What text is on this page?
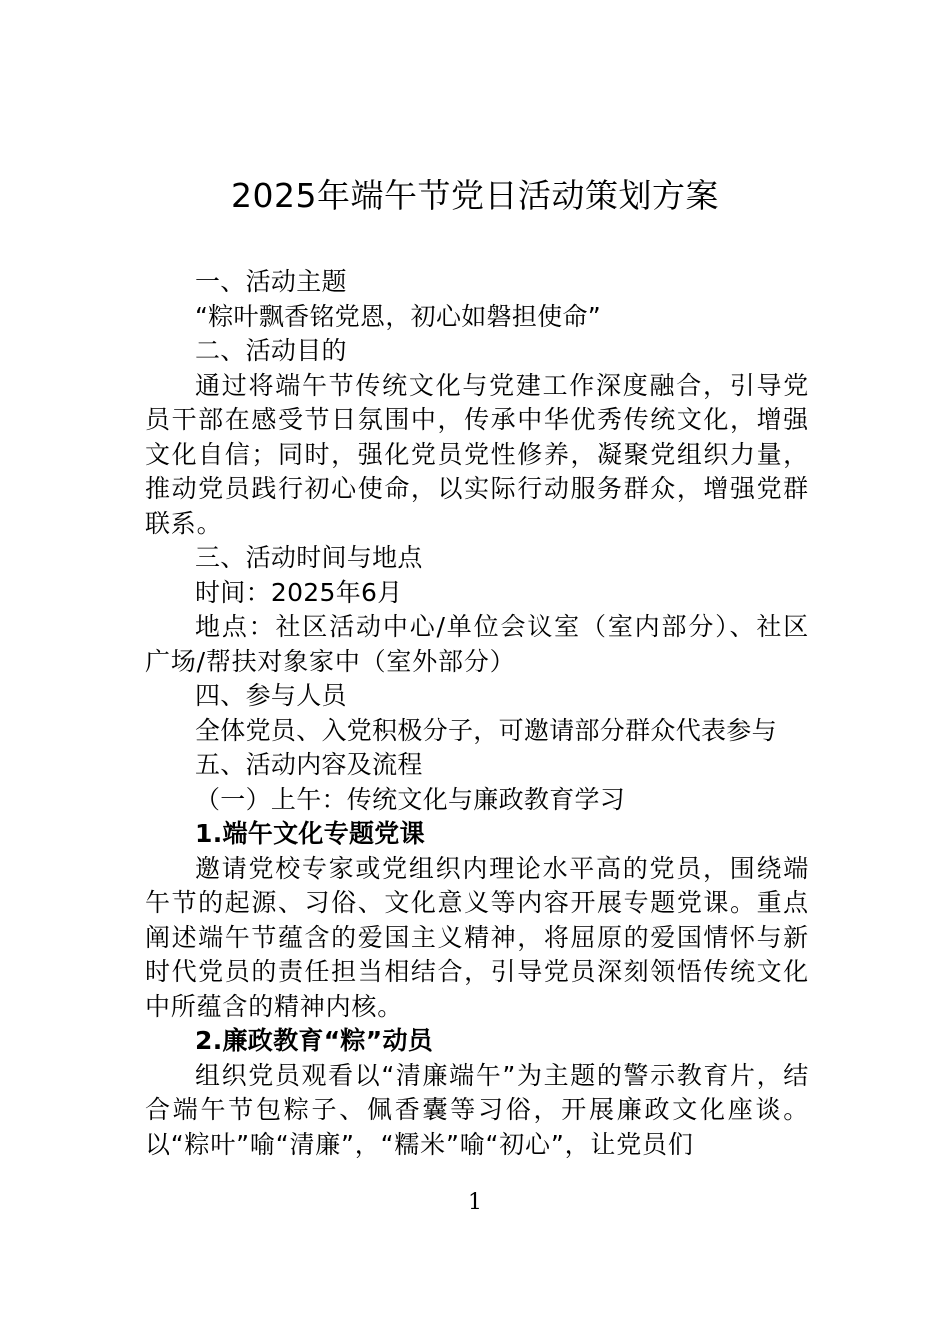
2025年端午节党日活动策划方案

一、活动主题

“粽叶飘香铭党恩，初心如磐担使命”

二、活动目的

通过将端午节传统文化与党建工作深度融合，引导党员干部在感受节日氛围中，传承中华优秀传统文化，增强文化自信；同时，强化党员党性修养，凝聚党组织力量，推动党员践行初心使命，以实际行动服务群众，增强党群联系。

三、活动时间与地点

时间：2025年6月

地点：社区活动中心/单位会议室（室内部分）、社区广场/帮扶对象家中（室外部分）

四、参与人员

全体党员、入党积极分子，可邀请部分群众代表参与

五、活动内容及流程

（一）上午：传统文化与廉政教育学习

1.端午文化专题党课

邀请党校专家或党组织内理论水平高的党员，围绕端午节的起源、习俗、文化意义等内容开展专题党课。重点阐述端午节蕴含的爱国主义精神，将屈原的爱国情怀与新时代党员的责任担当相结合，引导党员深刻领悟传统文化中所蕴含的精神内核。

2.廉政教育“粽”动员

组织党员观看以“清廉端午”为主题的警示教育片，结合端午节包粽子、佩香囊等习俗，开展廉政文化座谈。以“粽叶”喻“清廉”，“糯米”喻“初心”，让党员们

1
